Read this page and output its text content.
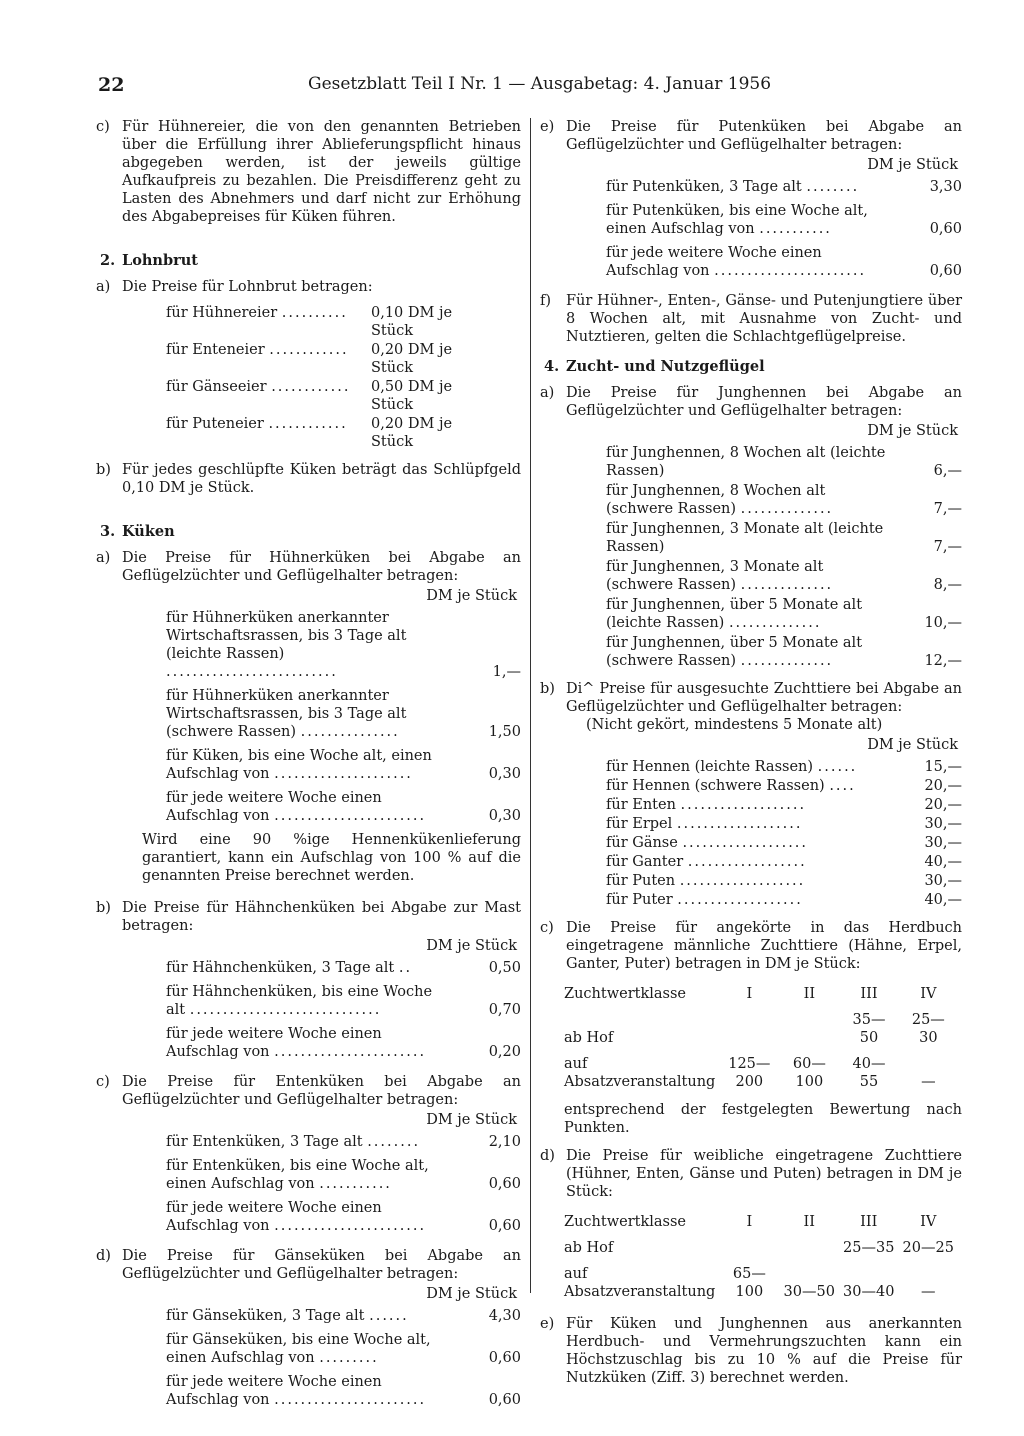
22	Gesetzblatt Teil I Nr. 1 — Ausgabetag: 4. Januar 1956
c) Für Hühnereier, die von den genannten Betrieben über die Erfüllung ihrer Ablieferungspflicht hinaus abgegeben werden, ist der jeweils gültige Aufkaufpreis zu bezahlen. Die Preisdifferenz geht zu Lasten des Abnehmers und darf nicht zur Erhöhung des Abgabepreises für Küken führen.
2. Lohnbrut
a) Die Preise für Lohnbrut betragen:
für Hühnereier ..........	0,10 DM je Stück
für Enteneier ............	0,20 DM je Stück
für Gänseeier ............	0,50 DM je Stück
für Puteneier ............	0,20 DM je Stück
b) Für jedes geschlüpfte Küken beträgt das Schlüpfgeld 0,10 DM je Stück.
3. Küken
a) Die Preise für Hühnerküken bei Abgabe an Geflügelzüchter und Geflügelhalter betragen:
DM je Stück
für Hühnerküken anerkannter Wirtschaftsrassen, bis 3 Tage alt (leichte Rassen) ..........................	1,—
für Hühnerküken anerkannter Wirtschaftsrassen, bis 3 Tage alt (schwere Rassen) ...............	1,50
für Küken, bis eine Woche alt, einen Aufschlag von .....................	0,30
für jede weitere Woche einen Aufschlag von .......................	0,30
Wird eine 90 %ige Hennenkükenlieferung garantiert, kann ein Aufschlag von 100 % auf die genannten Preise berechnet werden.
b) Die Preise für Hähnchenküken bei Abgabe zur Mast betragen:
DM je Stück
für Hähnchenküken, 3 Tage alt ..	0,50
für Hähnchenküken, bis eine Woche alt .............................	0,70
für jede weitere Woche einen Aufschlag von .......................	0,20
c) Die Preise für Entenküken bei Abgabe an Geflügelzüchter und Geflügelhalter betragen:
DM je Stück
für Entenküken, 3 Tage alt ........	2,10
für Entenküken, bis eine Woche alt, einen Aufschlag von ...........	0,60
für jede weitere Woche einen Aufschlag von .......................	0,60
d) Die Preise für Gänseküken bei Abgabe an Geflügelzüchter und Geflügelhalter betragen:
DM je Stück
für Gänseküken, 3 Tage alt ......	4,30
für Gänseküken, bis eine Woche alt, einen Aufschlag von .........	0,60
für jede weitere Woche einen Aufschlag von .......................	0,60
e) Die Preise für Putenküken bei Abgabe an Geflügelzüchter und Geflügelhalter betragen:
DM je Stück
für Putenküken, 3 Tage alt ........	3,30
für Putenküken, bis eine Woche alt, einen Aufschlag von ...........	0,60
für jede weitere Woche einen Aufschlag von .......................	0,60
f)	Für Hühner-, Enten-, Gänse- und Putenjungtiere über 8 Wochen alt, mit Ausnahme von Zucht- und Nutztieren, gelten die Schlachtgeflügelpreise.
4. Zucht- und Nutzgeflügel
a) Die Preise für Junghennen bei Abgabe an Geflügelzüchter und Geflügelhalter betragen:
DM je Stück
für Junghennen, 8 Wochen alt (leichte Rassen)	6,—
für Junghennen, 8 Wochen alt (schwere Rassen) ..............	7,—
für Junghennen, 3 Monate alt (leichte Rassen)	7,—
für Junghennen, 3 Monate alt (schwere Rassen) ..............	8,—
für Junghennen, über 5 Monate alt (leichte Rassen) ..............	10,—
für Junghennen, über 5 Monate alt (schwere Rassen) ..............	12,—
b) Di^ Preise für ausgesuchte Zuchttiere bei Abgabe an Geflügelzüchter und Geflügelhalter betragen:
(Nicht gekört, mindestens 5 Monate alt)
DM je Stück
für Hennen (leichte Rassen) ......	15,—
für Hennen (schwere Rassen) ....	20,—
für Enten ...................	20,—
für Erpel ...................	30,—
für Gänse ...................	30,—
für Ganter ..................	40,—
für Puten ...................	30,—
für Puter ...................	40,—
c) Die Preise für angekörte in das Herdbuch eingetragene männliche Zuchttiere (Hähne, Erpel, Ganter, Puter) betragen in DM je Stück:
Zuchtwertklasse	I	II	III	IV
ab Hof			35—50	25—30
auf Absatzveranstaltung	125—200	60—100	40—55	—
entsprechend der festgelegten Bewertung nach Punkten.
d) Die Preise für weibliche eingetragene Zuchttiere (Hühner, Enten, Gänse und Puten) betragen in DM je Stück:
Zuchtwertklasse	I	II	III	IV
ab Hof			25—35	20—25
auf Absatzveranstaltung	65—100	30—50	30—40	—
e) Für Küken und Junghennen aus anerkannten Herdbuch- und Vermehrungszuchten kann ein Höchstzuschlag bis zu 10 % auf die Preise für Nutzküken (Ziff. 3) berechnet werden.
